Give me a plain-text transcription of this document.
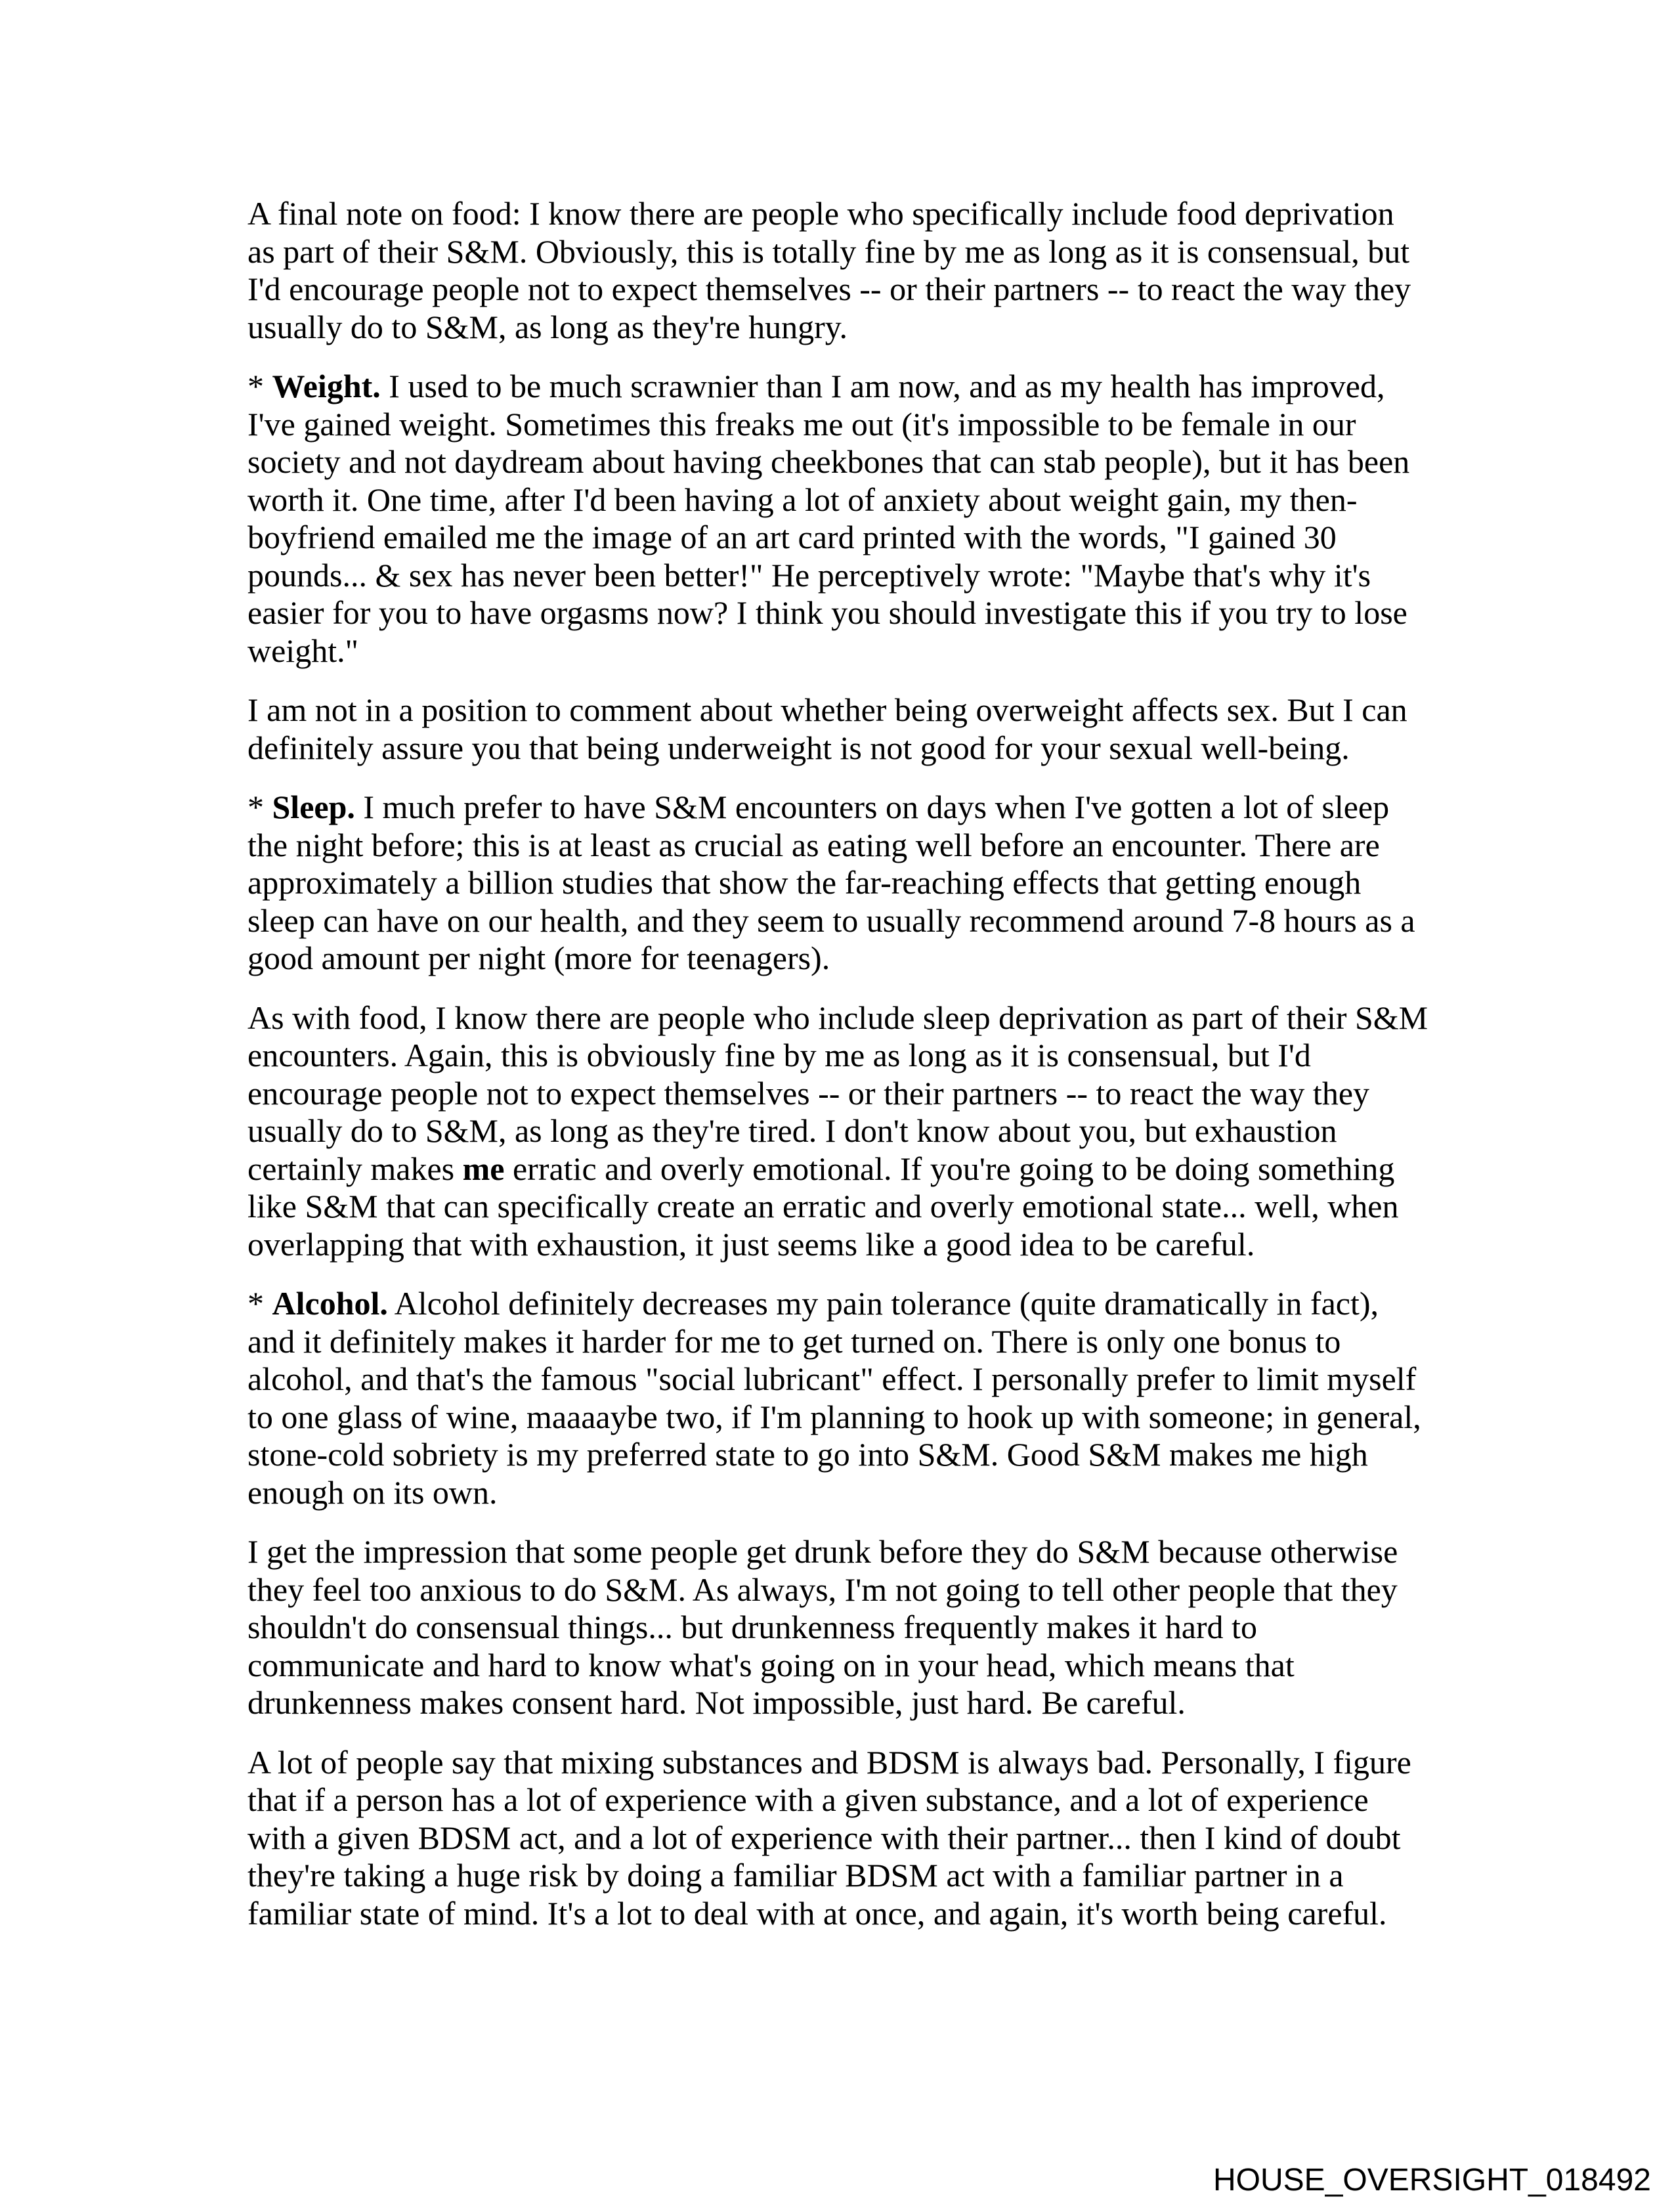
A final note on food: I know there are people who specifically include food deprivation
as part of their S&M. Obviously, this is totally fine by me as long as it is consensual, but
I'd encourage people not to expect themselves -- or their partners -- to react the way they
usually do to S&M, as long as they're hungry.

* Weight. I used to be much scrawnier than I am now, and as my health has improved,
I've gained weight. Sometimes this freaks me out (it's impossible to be female in our
society and not daydream about having cheekbones that can stab people), but it has been
worth it. One time, after I'd been having a lot of anxiety about weight gain, my then-
boyfriend emailed me the image of an art card printed with the words, "I gained 30
pounds... & sex has never been better!" He perceptively wrote: "Maybe that's why it's
easier for you to have orgasms now? I think you should investigate this if you try to lose
weight."

I am not in a position to comment about whether being overweight affects sex. But I can
definitely assure you that being underweight is not good for your sexual well-being.

* Sleep. I much prefer to have S&M encounters on days when I've gotten a lot of sleep
the night before; this is at least as crucial as eating well before an encounter. There are
approximately a billion studies that show the far-reaching effects that getting enough
sleep can have on our health, and they seem to usually recommend around 7-8 hours as a
good amount per night (more for teenagers).

As with food, I know there are people who include sleep deprivation as part of their S&M
encounters. Again, this is obviously fine by me as long as it is consensual, but I'd
encourage people not to expect themselves -- or their partners -- to react the way they
usually do to S&M, as long as they're tired. I don't know about you, but exhaustion
certainly makes me erratic and overly emotional. If you're going to be doing something
like S&M that can specifically create an erratic and overly emotional state... well, when
overlapping that with exhaustion, it just seems like a good idea to be careful.

* Alcohol. Alcohol definitely decreases my pain tolerance (quite dramatically in fact),
and it definitely makes it harder for me to get turned on. There is only one bonus to
alcohol, and that's the famous "social lubricant" effect. I personally prefer to limit myself
to one glass of wine, maaaaybe two, if I'm planning to hook up with someone; in general,
stone-cold sobriety is my preferred state to go into S&M. Good S&M makes me high
enough on its own.

I get the impression that some people get drunk before they do S&M because otherwise
they feel too anxious to do S&M. As always, I'm not going to tell other people that they
shouldn't do consensual things... but drunkenness frequently makes it hard to
communicate and hard to know what's going on in your head, which means that
drunkenness makes consent hard. Not impossible, just hard. Be careful.

A lot of people say that mixing substances and BDSM is always bad. Personally, I figure
that if a person has a lot of experience with a given substance, and a lot of experience
with a given BDSM act, and a lot of experience with their partner... then I kind of doubt
they're taking a huge risk by doing a familiar BDSM act with a familiar partner in a
familiar state of mind. It's a lot to deal with at once, and again, it's worth being careful.

HOUSE_OVERSIGHT_018492
